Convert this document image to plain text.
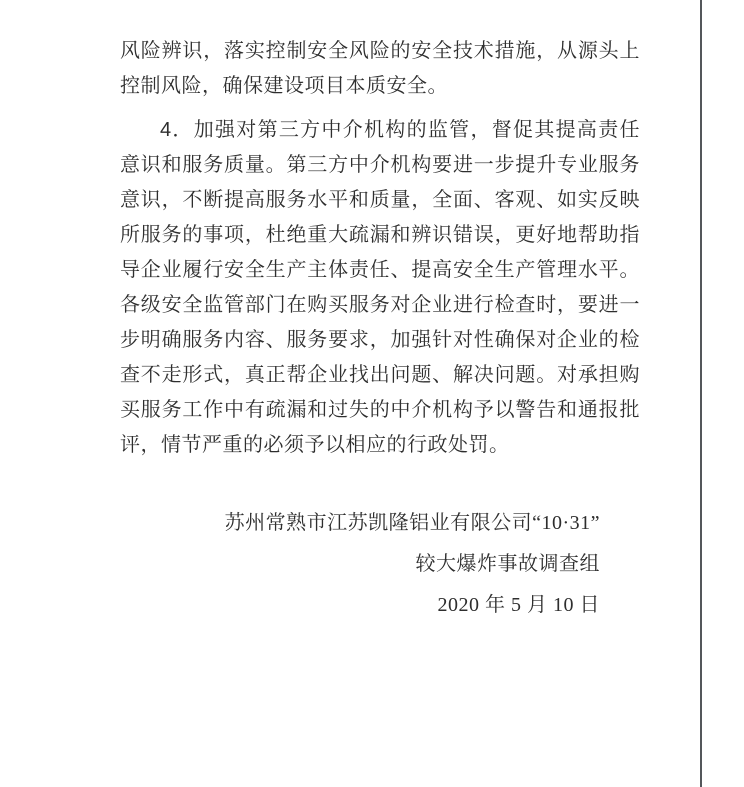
风险辨识，落实控制安全风险的安全技术措施，从源头上控制风险，确保建设项目本质安全。

4．加强对第三方中介机构的监管，督促其提高责任意识和服务质量。第三方中介机构要进一步提升专业服务意识，不断提高服务水平和质量，全面、客观、如实反映所服务的事项，杜绝重大疏漏和辨识错误，更好地帮助指导企业履行安全生产主体责任、提高安全生产管理水平。各级安全监管部门在购买服务对企业进行检查时，要进一步明确服务内容、服务要求，加强针对性确保对企业的检查不走形式，真正帮企业找出问题、解决问题。对承担购买服务工作中有疏漏和过失的中介机构予以警告和通报批评，情节严重的必须予以相应的行政处罚。

苏州常熟市江苏凯隆铝业有限公司“10·31”
较大爆炸事故调查组
2020 年 5 月 10 日
